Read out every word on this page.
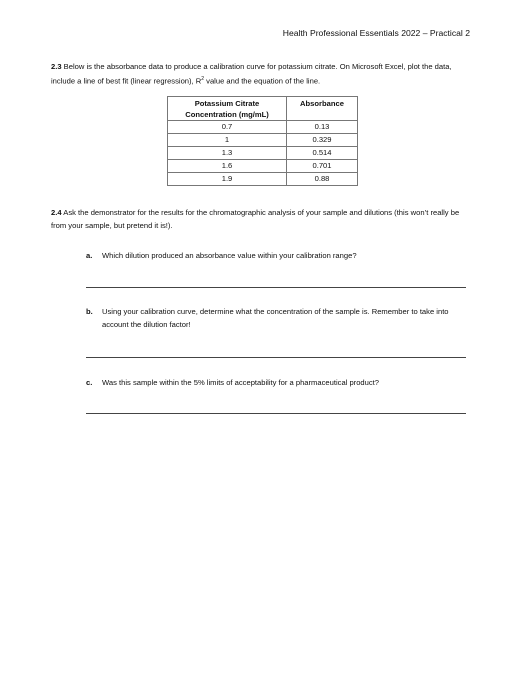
Health Professional Essentials 2022 – Practical 2
2.3 Below is the absorbance data to produce a calibration curve for potassium citrate. On Microsoft Excel, plot the data, include a line of best fit (linear regression), $R^2$ value and the equation of the line.
Potassium Citrate Concentration (mg/mL)	Absorbance
0.7	0.13
1	0.329
1.3	0.514
1.6	0.701
1.9	0.88
2.4 Ask the demonstrator for the results for the chromatographic analysis of your sample and dilutions (this won’t really be from your sample, but pretend it is!).
a. Which dilution produced an absorbance value within your calibration range?
b. Using your calibration curve, determine what the concentration of the sample is. Remember to take into account the dilution factor!
c. Was this sample within the 5% limits of acceptability for a pharmaceutical product?
